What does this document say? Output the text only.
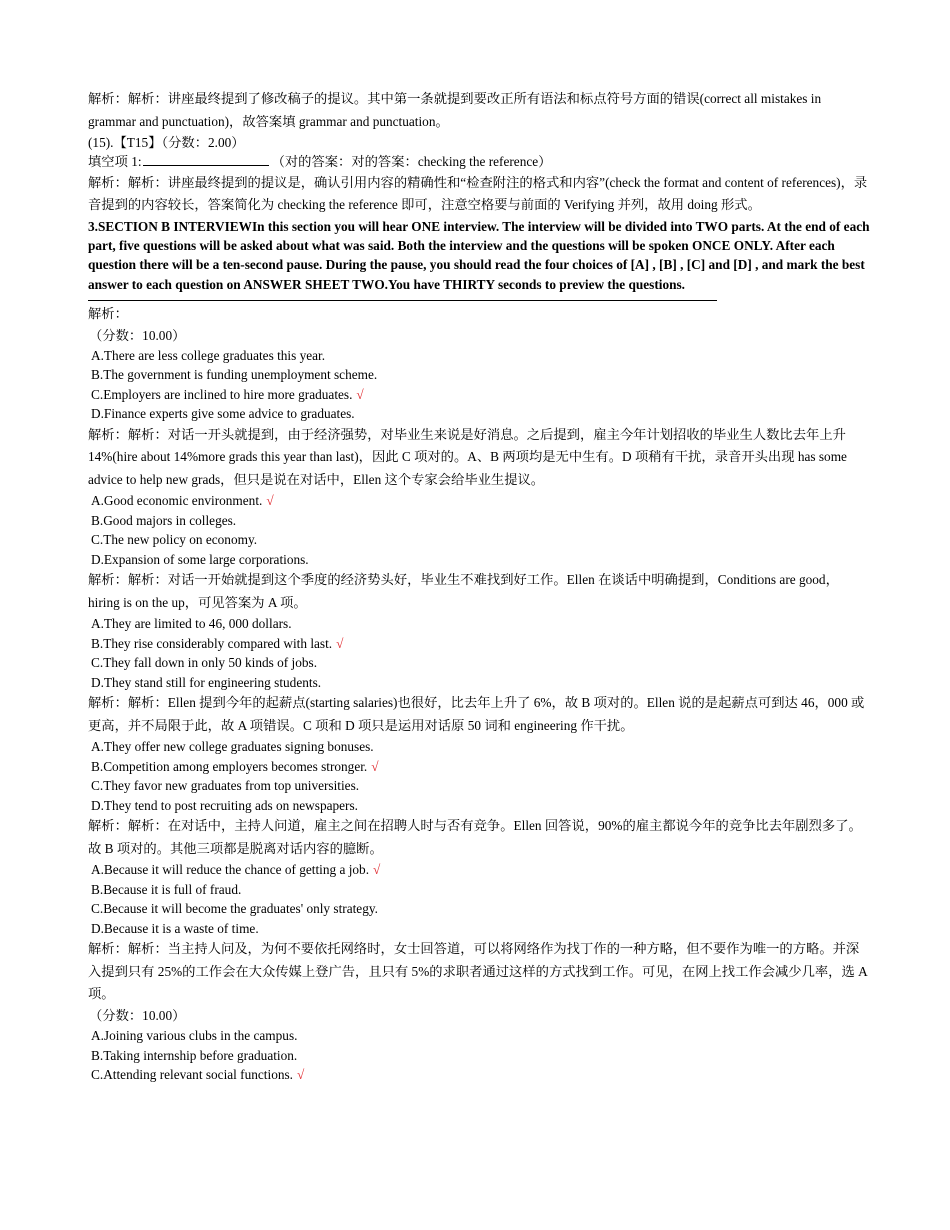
解析：解析：讲座最终提到了修改稿子的提议。其中第一条就提到要改正所有语法和标点符号方面的错误(correct all mistakes in grammar and punctuation)，故答案填 grammar and punctuation。

(15).【T15】（分数：2.00）

填空项 1:	（对的答案：对的答案：checking the reference）

解析：解析：讲座最终提到的提议是，确认引用内容的精确性和“检查附注的格式和内容”(check the format and content of references)，录音提到的内容较长，答案简化为 checking the reference 即可，注意空格要与前面的 Verifying 并列，故用 doing 形式。

3.SECTION B INTERVIEWIn this section you will hear ONE interview. The interview will be divided into TWO parts. At the end of each part, five questions will be asked about what was said. Both the interview and the questions will be spoken ONCE ONLY. After each question there will be a ten-second pause. During the pause, you should read the four choices of [A] , [B] , [C] and [D] , and mark the best answer to each question on ANSWER SHEET TWO.You have THIRTY seconds to preview the questions.

解析：

（分数：10.00）

A.There are less college graduates this year.

B.The government is funding unemployment scheme.

C.Employers are inclined to hire more graduates. √

D.Finance experts give some advice to graduates.

解析：解析：对话一开头就提到，由于经济强势，对毕业生来说是好消息。之后提到，雇主今年计划招收的毕业生人数比去年上升 14%(hire about 14%more grads this year than last)，因此 C 项对的。A、B 两项均是无中生有。D 项稍有干扰，录音开头出现 has some advice to help new grads，但只是说在对话中，Ellen 这个专家会给毕业生提议。

A.Good economic environment. √

B.Good majors in colleges.

C.The new policy on economy.

D.Expansion of some large corporations.

解析：解析：对话一开始就提到这个季度的经济势头好，毕业生不难找到好工作。Ellen 在谈话中明确提到，Conditions are good，hiring is on the up，可见答案为 A 项。

A.They are limited to 46, 000 dollars.

B.They rise considerably compared with last. √

C.They fall down in only 50 kinds of jobs.

D.They stand still for engineering students.

解析：解析：Ellen 提到今年的起薪点(starting salaries)也很好，比去年上升了 6%，故 B 项对的。Ellen 说的是起薪点可到达 46，000 或更高，并不局限于此，故 A 项错误。C 项和 D 项只是运用对话原 50 词和 engineering 作干扰。

A.They offer new college graduates signing bonuses.

B.Competition among employers becomes stronger. √

C.They favor new graduates from top universities.

D.They tend to post recruiting ads on newspapers.

解析：解析：在对话中，主持人问道，雇主之间在招聘人时与否有竞争。Ellen 回答说，90%的雇主都说今年的竞争比去年剧烈多了。故 B 项对的。其他三项都是脱离对话内容的臆断。

A.Because it will reduce the chance of getting a job. √

B.Because it is full of fraud.

C.Because it will become the graduates' only strategy.

D.Because it is a waste of time.

解析：解析：当主持人问及，为何不要依托网络时，女士回答道，可以将网络作为找丁作的一种方略，但不要作为唯一的方略。并深入提到只有 25%的工作会在大众传媒上登广告，且只有 5%的求职者通过这样的方式找到工作。可见，在网上找工作会减少几率，选 A 项。

（分数：10.00）

A.Joining various clubs in the campus.

B.Taking internship before graduation.

C.Attending relevant social functions. √
